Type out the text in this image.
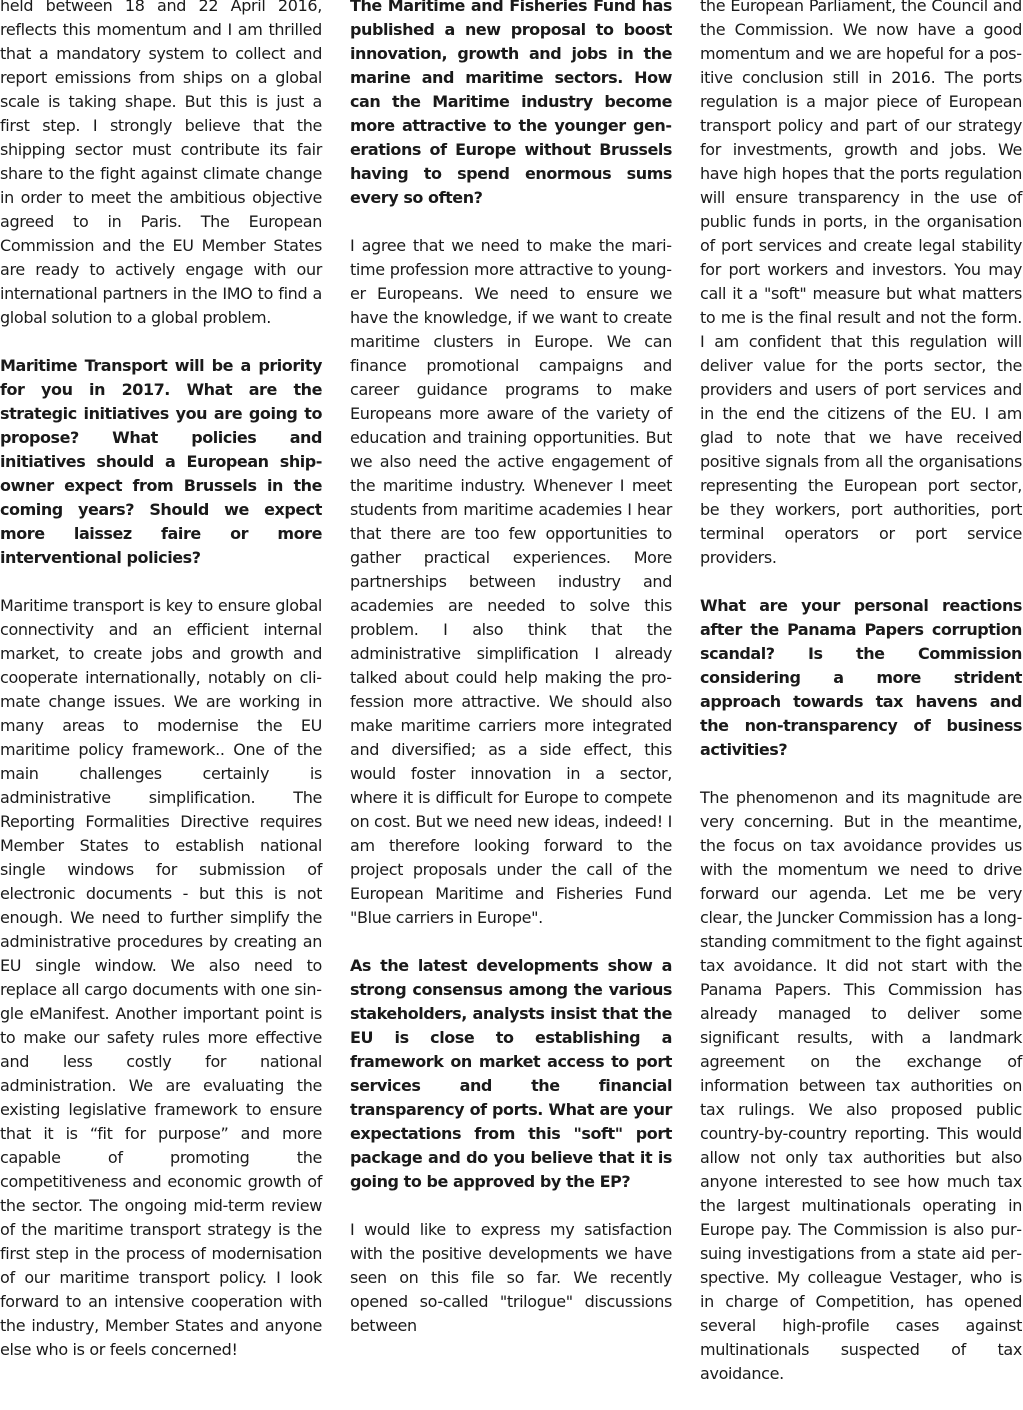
held between 18 and 22 April 2016, reflects this momentum and I am thrilled that a mandatory system to collect and report emissions from ships on a global scale is taking shape. But this is just a first step. I strongly believe that the shipping sector must contribute its fair share to the fight against climate change in order to meet the ambitious objective agreed to in Paris. The European Commission and the EU Member States are ready to actively engage with our international partners in the IMO to find a global solution to a global problem.

Maritime Transport will be a priority for you in 2017. What are the strategic initiatives you are going to propose? What policies and initiatives should a European ship-owner expect from Brussels in the coming years? Should we expect more laissez faire or more interventional policies?

Maritime transport is key to ensure global connectivity and an efficient internal market, to create jobs and growth and cooperate internationally, notably on climate change issues. We are working in many areas to modernise the EU maritime policy framework.. One of the main challenges certainly is administrative simplification. The Reporting Formalities Directive requires Member States to establish national single windows for submission of electronic documents - but this is not enough. We need to further simplify the administrative procedures by creating an EU single window. We also need to replace all cargo documents with one single eManifest. Another important point is to make our safety rules more effective and less costly for national administration. We are evaluating the existing legislative framework to ensure that it is “fit for purpose” and more capable of promoting the competitiveness and economic growth of the sector. The ongoing mid-term review of the maritime transport strategy is the first step in the process of modernisation of our maritime transport policy. I look forward to an intensive cooperation with the industry, Member States and anyone else who is or feels concerned!

The Maritime and Fisheries Fund has published a new proposal to boost innovation, growth and jobs in the marine and maritime sectors. How can the Maritime industry become more attractive to the younger generations of Europe without Brussels having to spend enormous sums every so often?

I agree that we need to make the maritime profession more attractive to younger Europeans. We need to ensure we have the knowledge, if we want to create maritime clusters in Europe. We can finance promotional campaigns and career guidance programs to make Europeans more aware of the variety of education and training opportunities. But we also need the active engagement of the maritime industry. Whenever I meet students from maritime academies I hear that there are too few opportunities to gather practical experiences. More partnerships between industry and academies are needed to solve this problem. I also think that the administrative simplification I already talked about could help making the profession more attractive. We should also make maritime carriers more integrated and diversified; as a side effect, this would foster innovation in a sector, where it is difficult for Europe to compete on cost. But we need new ideas, indeed! I am therefore looking forward to the project proposals under the call of the European Maritime and Fisheries Fund "Blue carriers in Europe".

As the latest developments show a strong consensus among the various stakeholders, analysts insist that the EU is close to establishing a framework on market access to port services and the financial transparency of ports. What are your expectations from this "soft" port package and do you believe that it is going to be approved by the EP?

I would like to express my satisfaction with the positive developments we have seen on this file so far. We recently opened so-called "trilogue" discussions between

the European Parliament, the Council and the Commission. We now have a good momentum and we are hopeful for a positive conclusion still in 2016. The ports regulation is a major piece of European transport policy and part of our strategy for investments, growth and jobs. We have high hopes that the ports regulation will ensure transparency in the use of public funds in ports, in the organisation of port services and create legal stability for port workers and investors. You may call it a "soft" measure but what matters to me is the final result and not the form. I am confident that this regulation will deliver value for the ports sector, the providers and users of port services and in the end the citizens of the EU. I am glad to note that we have received positive signals from all the organisations representing the European port sector, be they workers, port authorities, port terminal operators or port service providers.

What are your personal reactions after the Panama Papers corruption scandal? Is the Commission considering a more strident approach towards tax havens and the non-transparency of business activities?

The phenomenon and its magnitude are very concerning. But in the meantime, the focus on tax avoidance provides us with the momentum we need to drive forward our agenda. Let me be very clear, the Juncker Commission has a long-standing commitment to the fight against tax avoidance. It did not start with the Panama Papers. This Commission has already managed to deliver some significant results, with a landmark agreement on the exchange of information between tax authorities on tax rulings. We also proposed public country-by-country reporting. This would allow not only tax authorities but also anyone interested to see how much tax the largest multinationals operating in Europe pay. The Commission is also pursuing investigations from a state aid perspective. My colleague Vestager, who is in charge of Competition, has opened several high-profile cases against multinationals suspected of tax avoidance.
